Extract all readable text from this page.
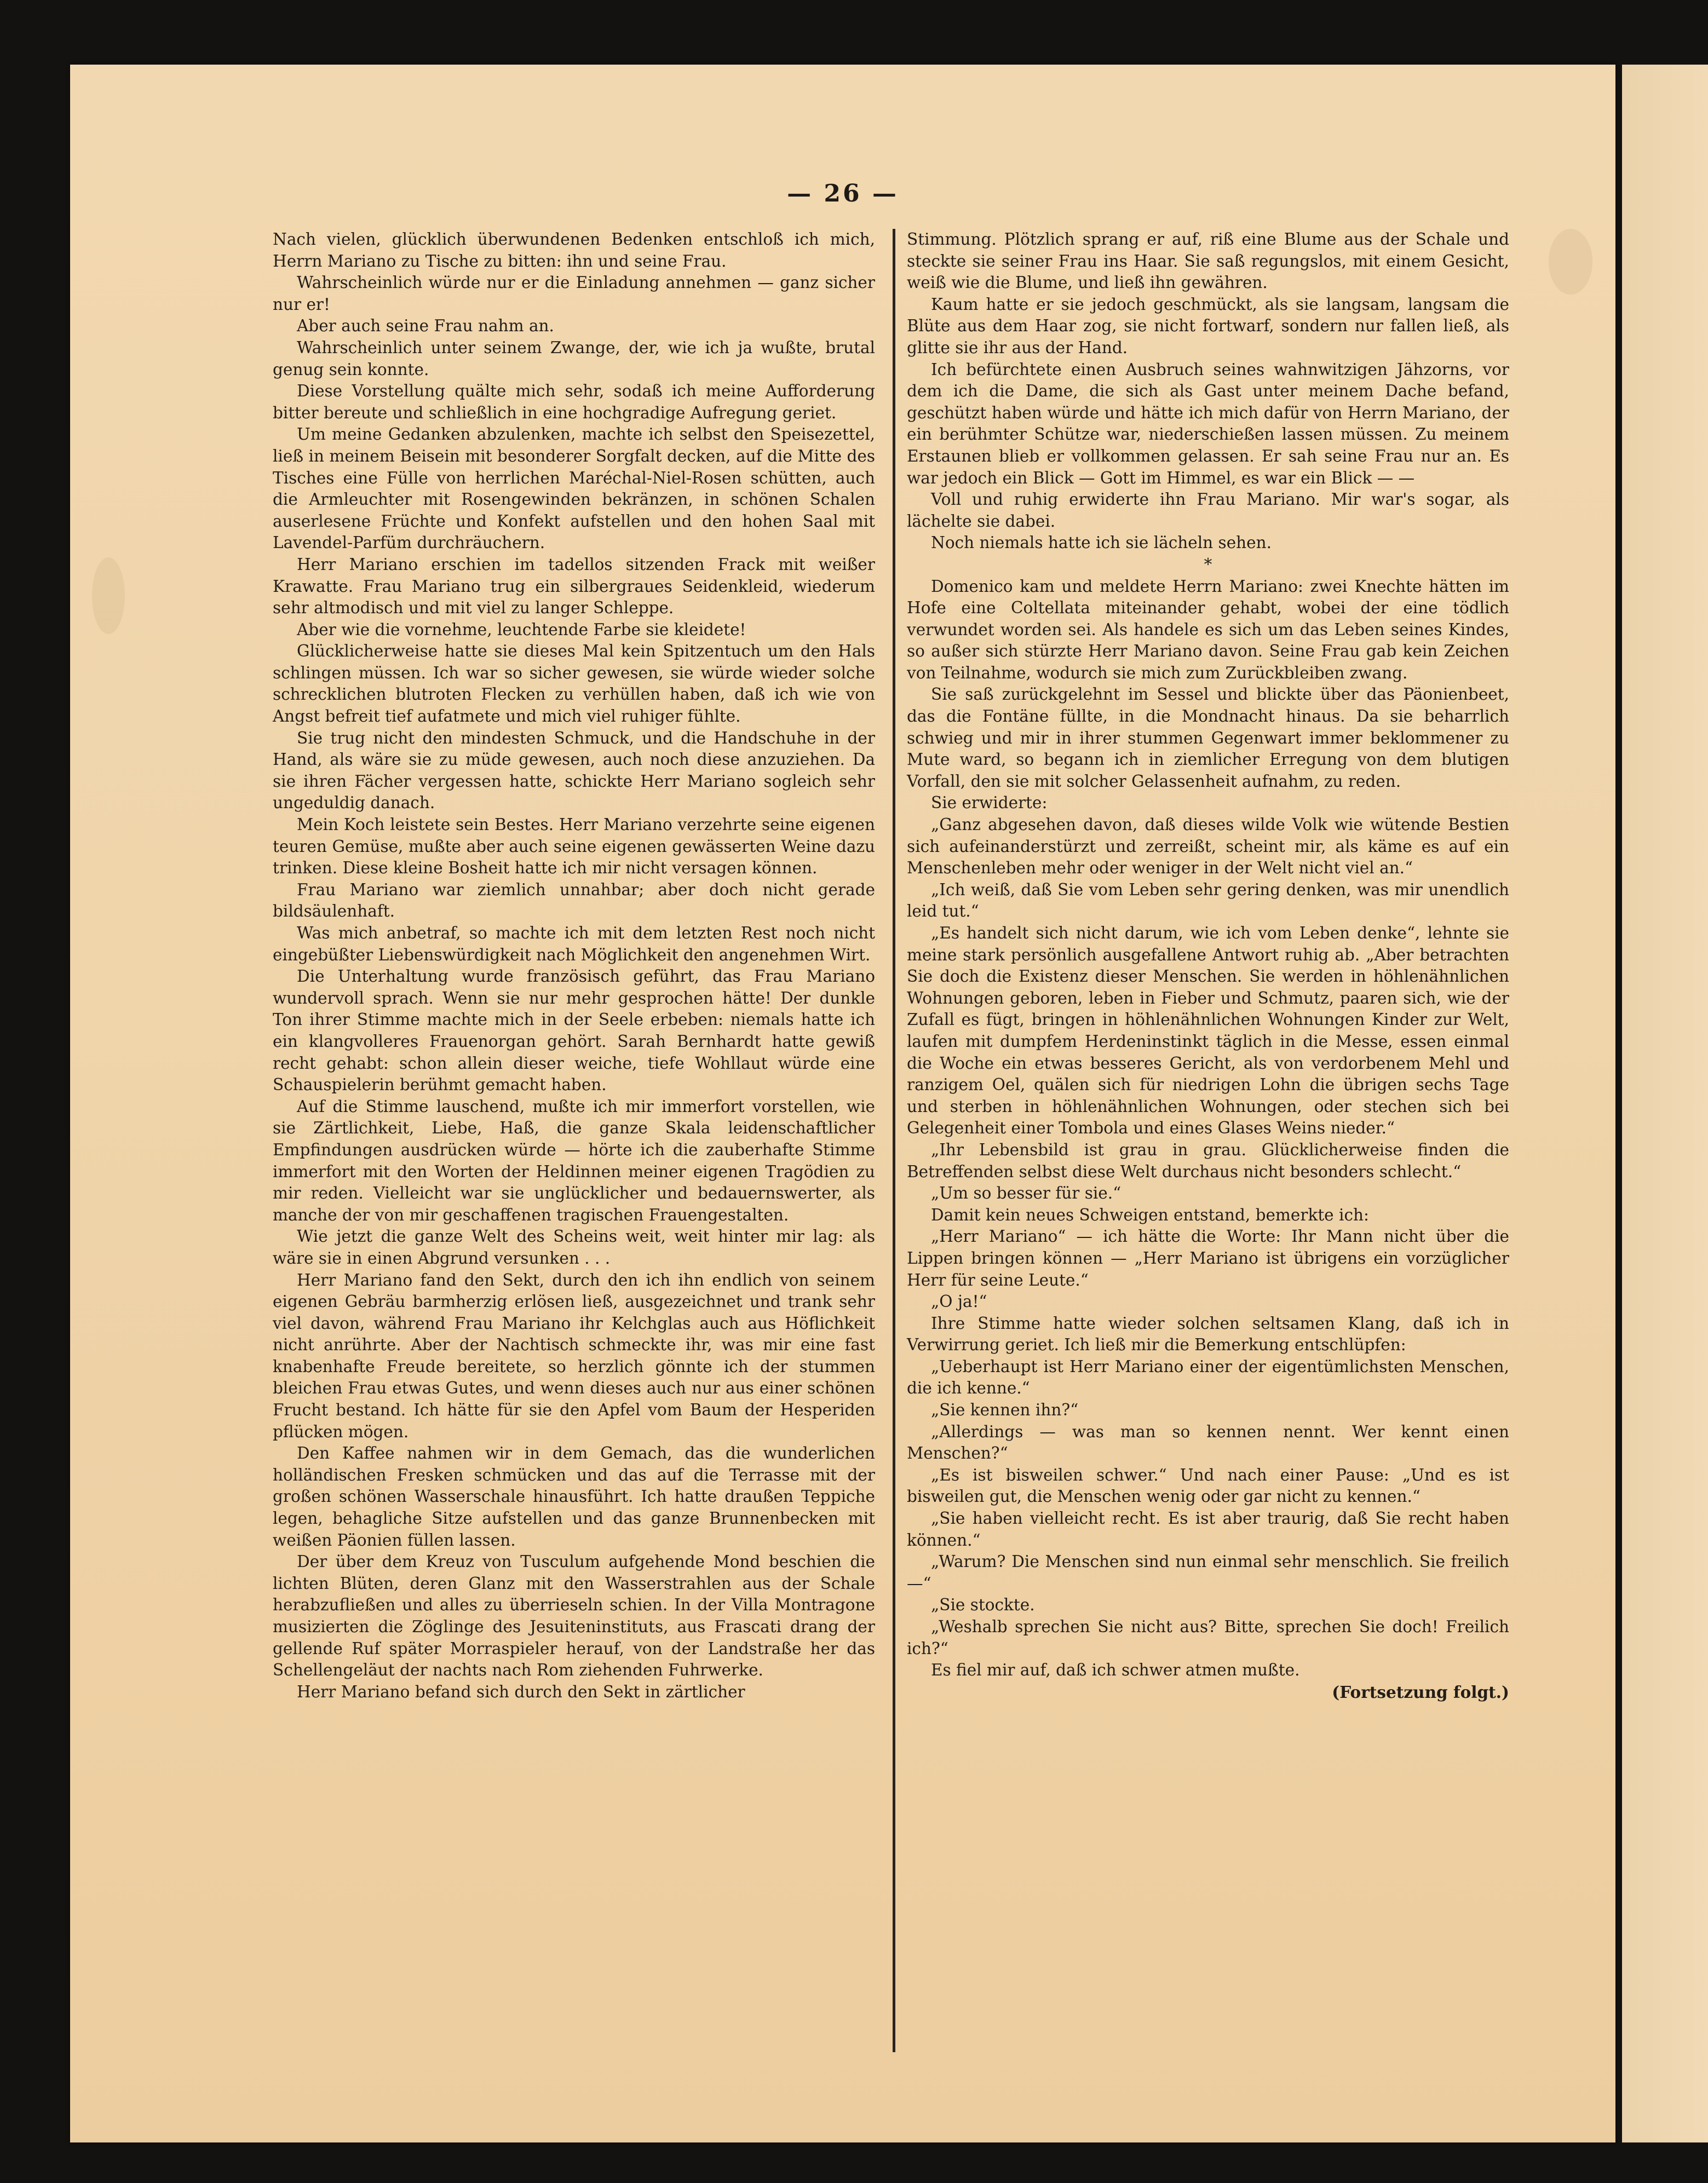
— 26 —

Nach vielen, glücklich überwundenen Bedenken entschloß ich mich, Herrn Mariano zu Tische zu bitten: ihn und seine Frau.

Wahrscheinlich würde nur er die Einladung annehmen — ganz sicher nur er!

Aber auch seine Frau nahm an.

Wahrscheinlich unter seinem Zwange, der, wie ich ja wußte, brutal genug sein konnte.

Diese Vorstellung quälte mich sehr, sodaß ich meine Aufforderung bitter bereute und schließlich in eine hochgradige Aufregung geriet.

Um meine Gedanken abzulenken, machte ich selbst den Speisezettel, ließ in meinem Beisein mit besonderer Sorgfalt decken, auf die Mitte des Tisches eine Fülle von herrlichen Maréchal-Niel-Rosen schütten, auch die Armleuchter mit Rosengewinden bekränzen, in schönen Schalen auserlesene Früchte und Konfekt aufstellen und den hohen Saal mit Lavendel-Parfüm durchräuchern.

Herr Mariano erschien im tadellos sitzenden Frack mit weißer Krawatte. Frau Mariano trug ein silbergraues Seidenkleid, wiederum sehr altmodisch und mit viel zu langer Schleppe.

Aber wie die vornehme, leuchtende Farbe sie kleidete!

Glücklicherweise hatte sie dieses Mal kein Spitzentuch um den Hals schlingen müssen. Ich war so sicher gewesen, sie würde wieder solche schrecklichen blutroten Flecken zu verhüllen haben, daß ich wie von Angst befreit tief aufatmete und mich viel ruhiger fühlte.

Sie trug nicht den mindesten Schmuck, und die Handschuhe in der Hand, als wäre sie zu müde gewesen, auch noch diese anzuziehen. Da sie ihren Fächer vergessen hatte, schickte Herr Mariano sogleich sehr ungeduldig danach.

Mein Koch leistete sein Bestes. Herr Mariano verzehrte seine eigenen teuren Gemüse, mußte aber auch seine eigenen gewässerten Weine dazu trinken. Diese kleine Bosheit hatte ich mir nicht versagen können.

Frau Mariano war ziemlich unnahbar; aber doch nicht gerade bildsäulenhaft.

Was mich anbetraf, so machte ich mit dem letzten Rest noch nicht eingebüßter Liebenswürdigkeit nach Möglichkeit den angenehmen Wirt.

Die Unterhaltung wurde französisch geführt, das Frau Mariano wundervoll sprach. Wenn sie nur mehr gesprochen hätte! Der dunkle Ton ihrer Stimme machte mich in der Seele erbeben: niemals hatte ich ein klangvolleres Frauenorgan gehört. Sarah Bernhardt hatte gewiß recht gehabt: schon allein dieser weiche, tiefe Wohllaut würde eine Schauspielerin berühmt gemacht haben.

Auf die Stimme lauschend, mußte ich mir immerfort vorstellen, wie sie Zärtlichkeit, Liebe, Haß, die ganze Skala leidenschaftlicher Empfindungen ausdrücken würde — hörte ich die zauberhafte Stimme immerfort mit den Worten der Heldinnen meiner eigenen Tragödien zu mir reden. Vielleicht war sie unglücklicher und bedauernswerter, als manche der von mir geschaffenen tragischen Frauengestalten.

Wie jetzt die ganze Welt des Scheins weit, weit hinter mir lag: als wäre sie in einen Abgrund versunken . . .

Herr Mariano fand den Sekt, durch den ich ihn endlich von seinem eigenen Gebräu barmherzig erlösen ließ, ausgezeichnet und trank sehr viel davon, während Frau Mariano ihr Kelchglas auch aus Höflichkeit nicht anrührte. Aber der Nachtisch schmeckte ihr, was mir eine fast knabenhafte Freude bereitete, so herzlich gönnte ich der stummen bleichen Frau etwas Gutes, und wenn dieses auch nur aus einer schönen Frucht bestand. Ich hätte für sie den Apfel vom Baum der Hesperiden pflücken mögen.

Den Kaffee nahmen wir in dem Gemach, das die wunderlichen holländischen Fresken schmücken und das auf die Terrasse mit der großen schönen Wasserschale hinausführt. Ich hatte draußen Teppiche legen, behagliche Sitze aufstellen und das ganze Brunnenbecken mit weißen Päonien füllen lassen.

Der über dem Kreuz von Tusculum aufgehende Mond beschien die lichten Blüten, deren Glanz mit den Wasserstrahlen aus der Schale herabzufließen und alles zu überrieseln schien. In der Villa Montragone musizierten die Zöglinge des Jesuiteninstituts, aus Frascati drang der gellende Ruf später Morraspieler herauf, von der Landstraße her das Schellengeläut der nachts nach Rom ziehenden Fuhrwerke.

Herr Mariano befand sich durch den Sekt in zärtlicher

Stimmung. Plötzlich sprang er auf, riß eine Blume aus der Schale und steckte sie seiner Frau ins Haar. Sie saß regungslos, mit einem Gesicht, weiß wie die Blume, und ließ ihn gewähren.

Kaum hatte er sie jedoch geschmückt, als sie langsam, langsam die Blüte aus dem Haar zog, sie nicht fortwarf, sondern nur fallen ließ, als glitte sie ihr aus der Hand.

Ich befürchtete einen Ausbruch seines wahnwitzigen Jähzorns, vor dem ich die Dame, die sich als Gast unter meinem Dache befand, geschützt haben würde und hätte ich mich dafür von Herrn Mariano, der ein berühmter Schütze war, niederschießen lassen müssen. Zu meinem Erstaunen blieb er vollkommen gelassen. Er sah seine Frau nur an. Es war jedoch ein Blick — Gott im Himmel, es war ein Blick — —

Voll und ruhig erwiderte ihn Frau Mariano. Mir war's sogar, als lächelte sie dabei.

Noch niemals hatte ich sie lächeln sehen.

*

Domenico kam und meldete Herrn Mariano: zwei Knechte hätten im Hofe eine Coltellata miteinander gehabt, wobei der eine tödlich verwundet worden sei. Als handele es sich um das Leben seines Kindes, so außer sich stürzte Herr Mariano davon. Seine Frau gab kein Zeichen von Teilnahme, wodurch sie mich zum Zurückbleiben zwang.

Sie saß zurückgelehnt im Sessel und blickte über das Päonienbeet, das die Fontäne füllte, in die Mondnacht hinaus. Da sie beharrlich schwieg und mir in ihrer stummen Gegenwart immer beklommener zu Mute ward, so begann ich in ziemlicher Erregung von dem blutigen Vorfall, den sie mit solcher Gelassenheit aufnahm, zu reden.

Sie erwiderte:

„Ganz abgesehen davon, daß dieses wilde Volk wie wütende Bestien sich aufeinanderstürzt und zerreißt, scheint mir, als käme es auf ein Menschenleben mehr oder weniger in der Welt nicht viel an.“

„Ich weiß, daß Sie vom Leben sehr gering denken, was mir unendlich leid tut.“

„Es handelt sich nicht darum, wie ich vom Leben denke“, lehnte sie meine stark persönlich ausgefallene Antwort ruhig ab. „Aber betrachten Sie doch die Existenz dieser Menschen. Sie werden in höhlenähnlichen Wohnungen geboren, leben in Fieber und Schmutz, paaren sich, wie der Zufall es fügt, bringen in höhlenähnlichen Wohnungen Kinder zur Welt, laufen mit dumpfem Herdeninstinkt täglich in die Messe, essen einmal die Woche ein etwas besseres Gericht, als von verdorbenem Mehl und ranzigem Oel, quälen sich für niedrigen Lohn die übrigen sechs Tage und sterben in höhlenähnlichen Wohnungen, oder stechen sich bei Gelegenheit einer Tombola und eines Glases Weins nieder.“

„Ihr Lebensbild ist grau in grau. Glücklicherweise finden die Betreffenden selbst diese Welt durchaus nicht besonders schlecht.“

„Um so besser für sie.“

Damit kein neues Schweigen entstand, bemerkte ich:

„Herr Mariano“ — ich hätte die Worte: Ihr Mann nicht über die Lippen bringen können — „Herr Mariano ist übrigens ein vorzüglicher Herr für seine Leute.“

„O ja!“

Ihre Stimme hatte wieder solchen seltsamen Klang, daß ich in Verwirrung geriet. Ich ließ mir die Bemerkung entschlüpfen:

„Ueberhaupt ist Herr Mariano einer der eigentümlichsten Menschen, die ich kenne.“

„Sie kennen ihn?“

„Allerdings — was man so kennen nennt. Wer kennt einen Menschen?“

„Es ist bisweilen schwer.“ Und nach einer Pause: „Und es ist bisweilen gut, die Menschen wenig oder gar nicht zu kennen.“

„Sie haben vielleicht recht. Es ist aber traurig, daß Sie recht haben können.“

„Warum? Die Menschen sind nun einmal sehr menschlich. Sie freilich —“

„Sie stockte.

„Weshalb sprechen Sie nicht aus? Bitte, sprechen Sie doch! Freilich ich?“

Es fiel mir auf, daß ich schwer atmen mußte.

(Fortsetzung folgt.)
